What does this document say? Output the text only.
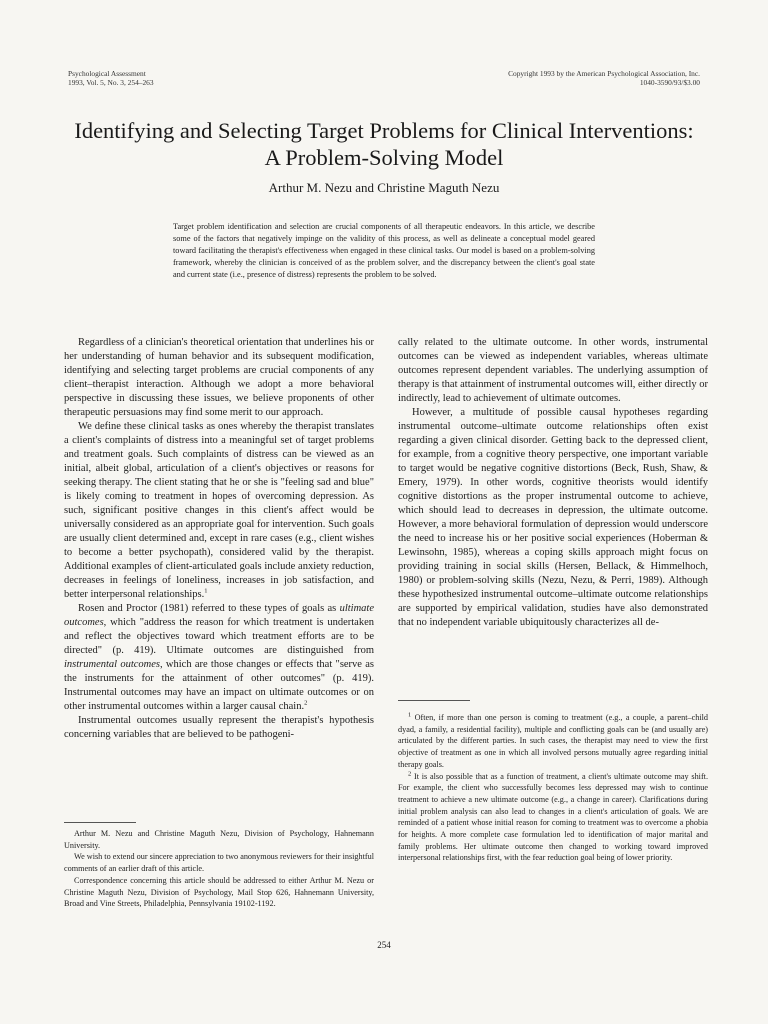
Psychological Assessment
1993, Vol. 5, No. 3, 254–263
Copyright 1993 by the American Psychological Association, Inc.
1040-3590/93/$3.00
Identifying and Selecting Target Problems for Clinical Interventions:
A Problem-Solving Model
Arthur M. Nezu and Christine Maguth Nezu

Target problem identification and selection are crucial components of all therapeutic endeavors. In this article, we describe some of the factors that negatively impinge on the validity of this process, as well as delineate a conceptual model geared toward facilitating the therapist's effectiveness when engaged in these clinical tasks. Our model is based on a problem-solving framework, whereby the clinician is conceived of as the problem solver, and the discrepancy between the client's goal state and current state (i.e., presence of distress) represents the problem to be solved.

Regardless of a clinician's theoretical orientation that underlines his or her understanding of human behavior and its subsequent modification, identifying and selecting target problems are crucial components of any client–therapist interaction. Although we adopt a more behavioral perspective in discussing these issues, we believe proponents of other therapeutic persuasions may find some merit to our approach.

We define these clinical tasks as ones whereby the therapist translates a client's complaints of distress into a meaningful set of target problems and treatment goals. Such complaints of distress can be viewed as an initial, albeit global, articulation of a client's objectives or reasons for seeking therapy. The client stating that he or she is "feeling sad and blue" is likely coming to treatment in hopes of overcoming depression. As such, significant positive changes in this client's affect would be universally considered as an appropriate goal for intervention. Such goals are usually client determined and, except in rare cases (e.g., client wishes to become a better psychopath), considered valid by the therapist. Additional examples of client-articulated goals include anxiety reduction, decreases in feelings of loneliness, increases in job satisfaction, and better interpersonal relationships.$^1$

Rosen and Proctor (1981) referred to these types of goals as ultimate outcomes, which "address the reason for which treatment is undertaken and reflect the objectives toward which treatment efforts are to be directed" (p. 419). Ultimate outcomes are distinguished from instrumental outcomes, which are those changes or effects that "serve as the instruments for the attainment of other outcomes" (p. 419). Instrumental outcomes may have an impact on ultimate outcomes or on other instrumental outcomes within a larger causal chain.$^2$

Instrumental outcomes usually represent the therapist's hypothesis concerning variables that are believed to be pathogeni-

cally related to the ultimate outcome. In other words, instrumental outcomes can be viewed as independent variables, whereas ultimate outcomes represent dependent variables. The underlying assumption of therapy is that attainment of instrumental outcomes will, either directly or indirectly, lead to achievement of ultimate outcomes.

However, a multitude of possible causal hypotheses regarding instrumental outcome–ultimate outcome relationships often exist regarding a given clinical disorder. Getting back to the depressed client, for example, from a cognitive theory perspective, one important variable to target would be negative cognitive distortions (Beck, Rush, Shaw, & Emery, 1979). In other words, cognitive theorists would identify cognitive distortions as the proper instrumental outcome to achieve, which should lead to decreases in depression, the ultimate outcome. However, a more behavioral formulation of depression would underscore the need to increase his or her positive social experiences (Hoberman & Lewinsohn, 1985), whereas a coping skills approach might focus on providing training in social skills (Hersen, Bellack, & Himmelhoch, 1980) or problem-solving skills (Nezu, Nezu, & Perri, 1989). Although these hypothesized instrumental outcome–ultimate outcome relationships are supported by empirical validation, studies have also demonstrated that no independent variable ubiquitously characterizes all de-

$^1$ Often, if more than one person is coming to treatment (e.g., a couple, a parent–child dyad, a family, a residential facility), multiple and conflicting goals can be (and usually are) articulated by the different parties. In such cases, the therapist may need to view the first objective of treatment as one in which all involved persons mutually agree regarding initial therapy goals.

$^2$ It is also possible that as a function of treatment, a client's ultimate outcome may shift. For example, the client who successfully becomes less depressed may wish to continue treatment to achieve a new ultimate outcome (e.g., a change in career). Clarifications during initial problem analysis can also lead to changes in a client's articulation of goals. We are reminded of a patient whose initial reason for coming to treatment was to overcome a phobia for heights. A more complete case formulation led to identification of major marital and family problems. Her ultimate outcome then changed to working toward improved interpersonal relationships first, with the fear reduction goal being of lower priority.

Arthur M. Nezu and Christine Maguth Nezu, Division of Psychology, Hahnemann University.

We wish to extend our sincere appreciation to two anonymous reviewers for their insightful comments of an earlier draft of this article.

Correspondence concerning this article should be addressed to either Arthur M. Nezu or Christine Maguth Nezu, Division of Psychology, Mail Stop 626, Hahnemann University, Broad and Vine Streets, Philadelphia, Pennsylvania 19102-1192.

254
